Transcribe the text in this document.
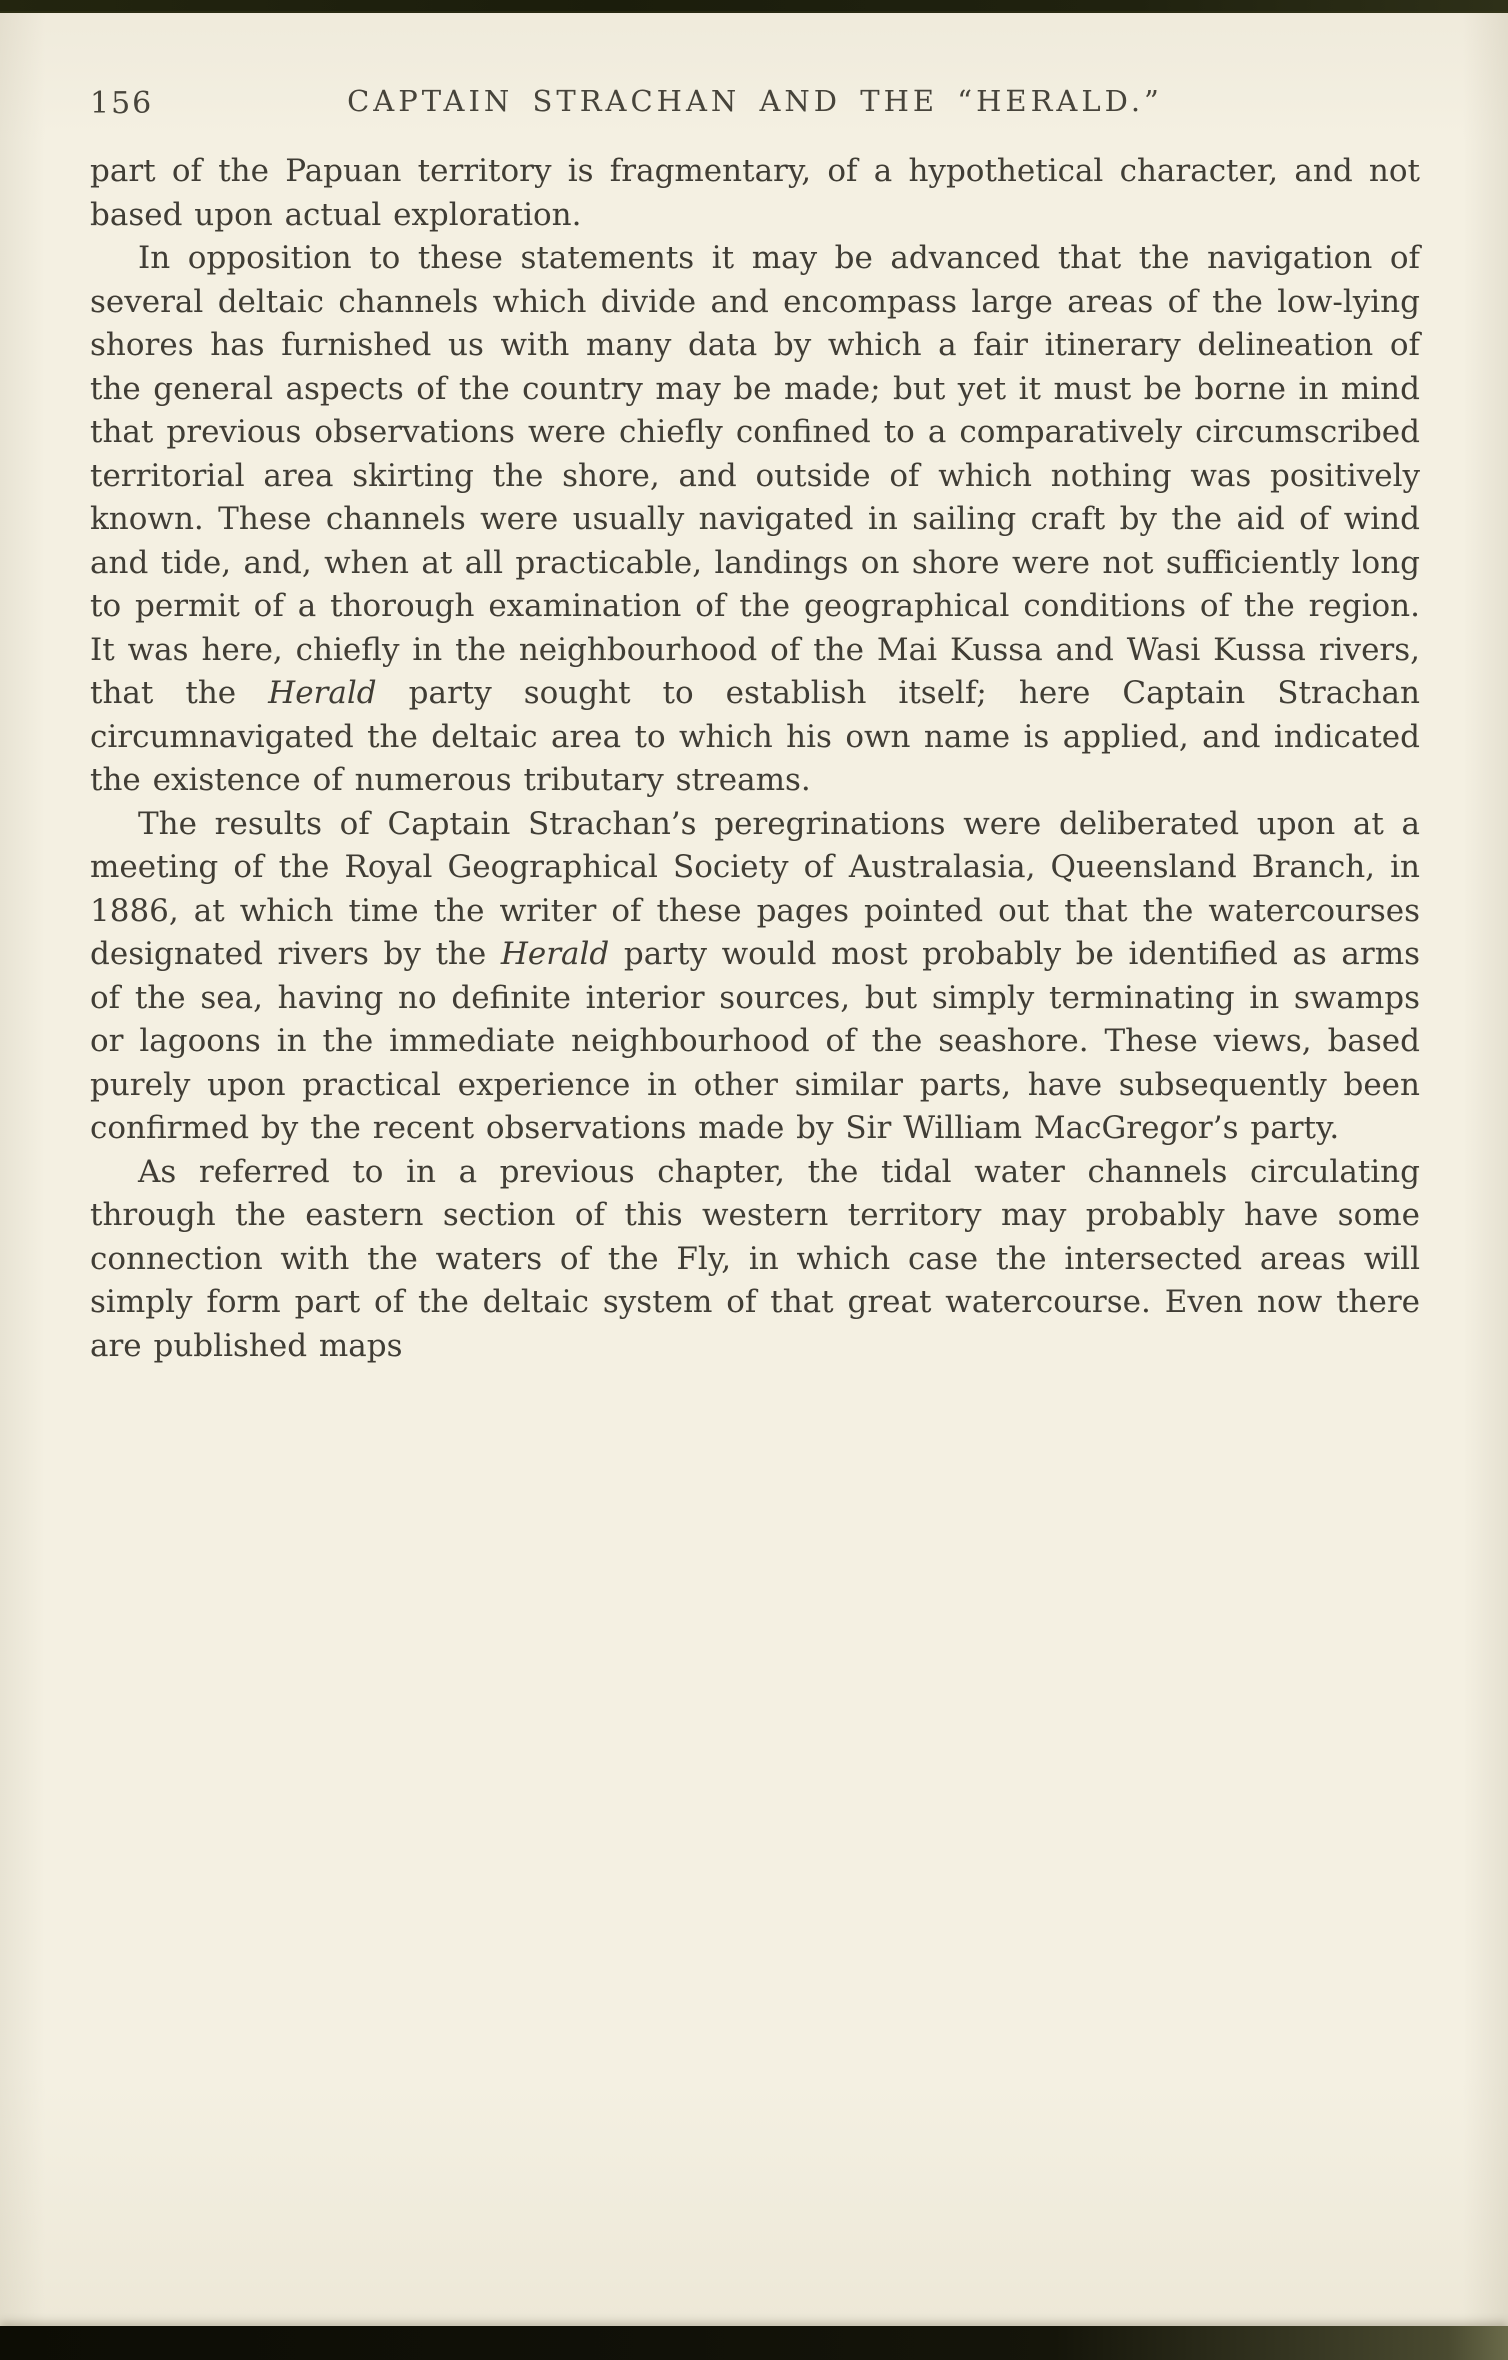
156	CAPTAIN STRACHAN AND THE “HERALD.”

part of the Papuan territory is fragmentary, of a hypothetical character, and not based upon actual exploration.

In opposition to these statements it may be advanced that the navigation of several deltaic channels which divide and encompass large areas of the low-lying shores has furnished us with many data by which a fair itinerary delineation of the general aspects of the country may be made; but yet it must be borne in mind that previous observations were chiefly confined to a comparatively circumscribed territorial area skirting the shore, and outside of which nothing was positively known. These channels were usually navigated in sailing craft by the aid of wind and tide, and, when at all practicable, landings on shore were not sufficiently long to permit of a thorough examination of the geographical conditions of the region. It was here, chiefly in the neighbourhood of the Mai Kussa and Wasi Kussa rivers, that the Herald party sought to establish itself; here Captain Strachan circumnavigated the deltaic area to which his own name is applied, and indicated the existence of numerous tributary streams.

The results of Captain Strachan’s peregrinations were deliberated upon at a meeting of the Royal Geographical Society of Australasia, Queensland Branch, in 1886, at which time the writer of these pages pointed out that the watercourses designated rivers by the Herald party would most probably be identified as arms of the sea, having no definite interior sources, but simply terminating in swamps or lagoons in the immediate neighbourhood of the seashore. These views, based purely upon practical experience in other similar parts, have subsequently been confirmed by the recent observations made by Sir William MacGregor’s party.

As referred to in a previous chapter, the tidal water channels circulating through the eastern section of this western territory may probably have some connection with the waters of the Fly, in which case the intersected areas will simply form part of the deltaic system of that great watercourse. Even now there are published maps
